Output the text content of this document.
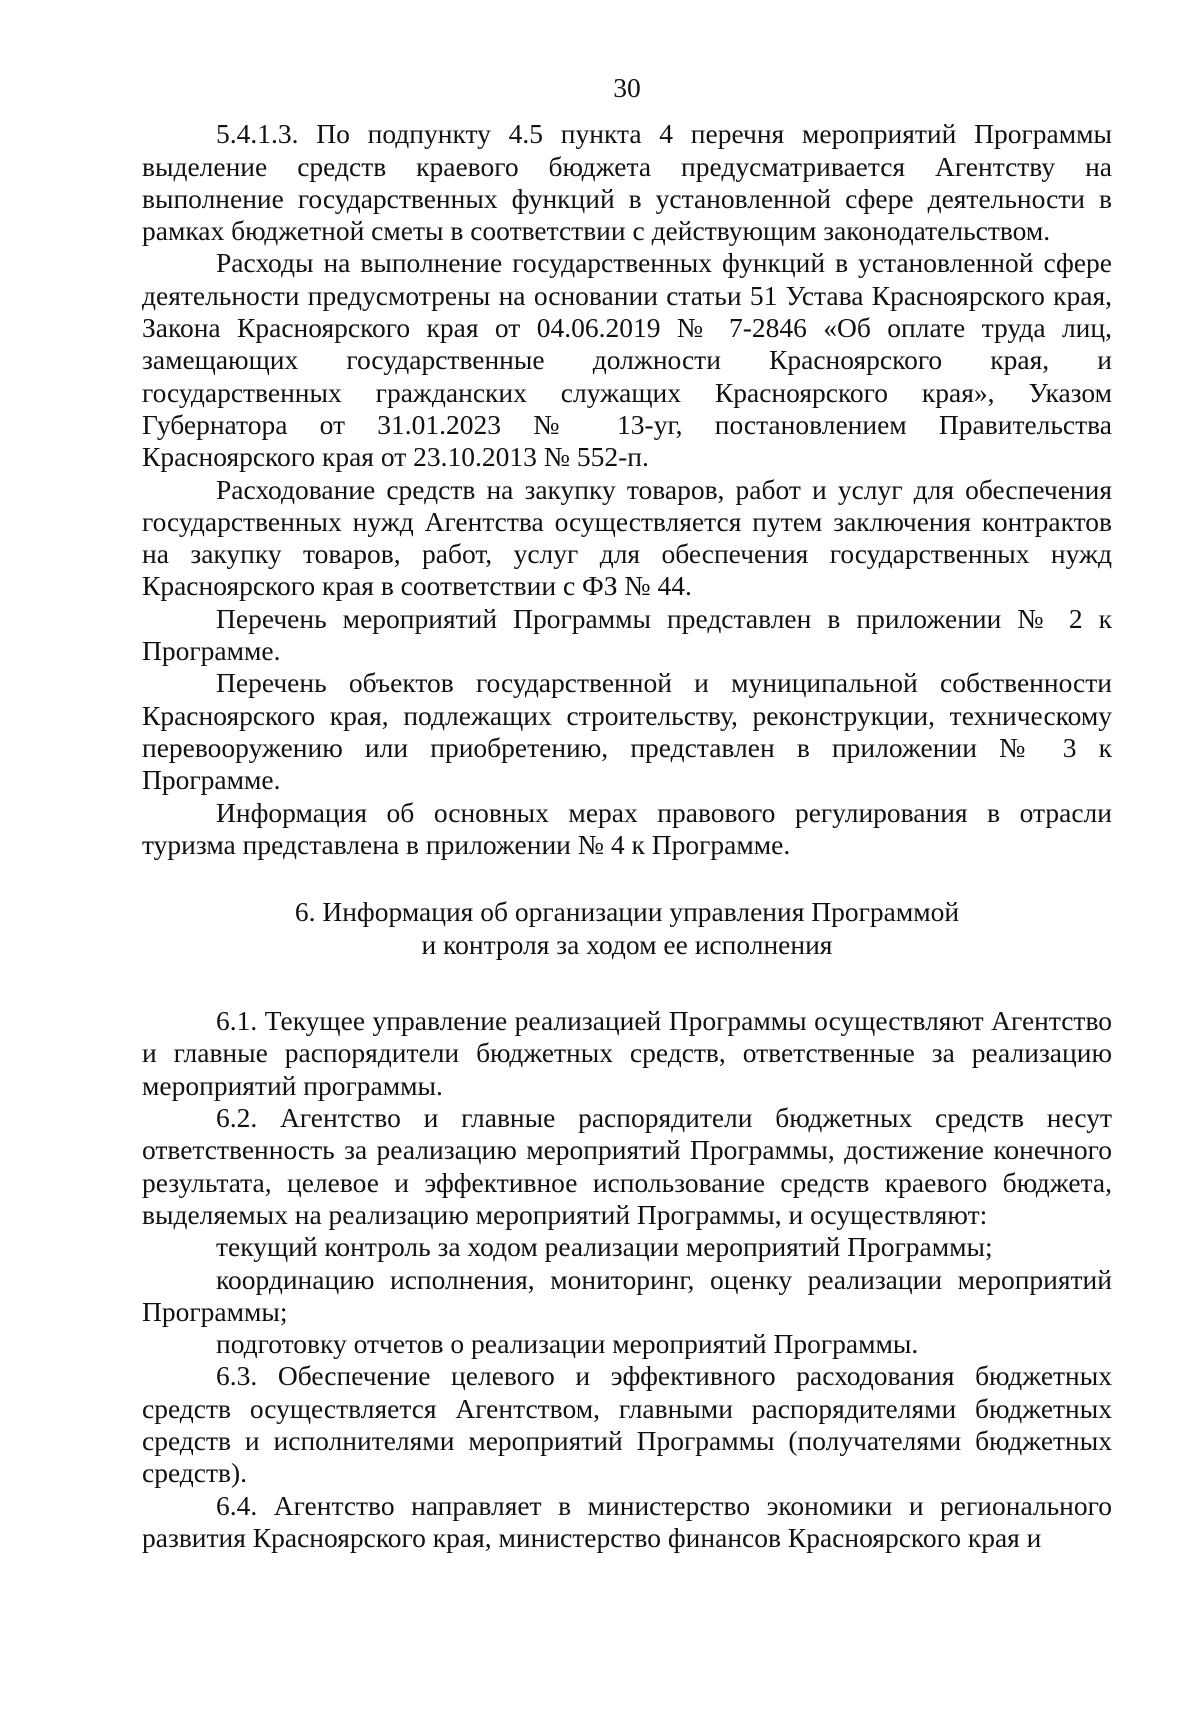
30

5.4.1.3. По подпункту 4.5 пункта 4 перечня мероприятий Программы выделение средств краевого бюджета предусматривается Агентству на выполнение государственных функций в установленной сфере деятельности в рамках бюджетной сметы в соответствии с действующим законодательством.

Расходы на выполнение государственных функций в установленной сфере деятельности предусмотрены на основании статьи 51 Устава Красноярского края, Закона Красноярского края от 04.06.2019 № 7-2846 «Об оплате труда лиц, замещающих государственные должности Красноярского края, и государственных гражданских служащих Красноярского края», Указом Губернатора от 31.01.2023 № 13-уг, постановлением Правительства Красноярского края от 23.10.2013 № 552-п.

Расходование средств на закупку товаров, работ и услуг для обеспечения государственных нужд Агентства осуществляется путем заключения контрактов на закупку товаров, работ, услуг для обеспечения государственных нужд Красноярского края в соответствии с ФЗ № 44.

Перечень мероприятий Программы представлен в приложении № 2 к Программе.

Перечень объектов государственной и муниципальной собственности Красноярского края, подлежащих строительству, реконструкции, техническому перевооружению или приобретению, представлен в приложении № 3 к Программе.

Информация об основных мерах правового регулирования в отрасли туризма представлена в приложении № 4 к Программе.

6. Информация об организации управления Программой
и контроля за ходом ее исполнения

6.1. Текущее управление реализацией Программы осуществляют Агентство и главные распорядители бюджетных средств, ответственные за реализацию мероприятий программы.

6.2. Агентство и главные распорядители бюджетных средств несут ответственность за реализацию мероприятий Программы, достижение конечного результата, целевое и эффективное использование средств краевого бюджета, выделяемых на реализацию мероприятий Программы, и осуществляют:

текущий контроль за ходом реализации мероприятий Программы;

координацию исполнения, мониторинг, оценку реализации мероприятий Программы;

подготовку отчетов о реализации мероприятий Программы.

6.3. Обеспечение целевого и эффективного расходования бюджетных средств осуществляется Агентством, главными распорядителями бюджетных средств и исполнителями мероприятий Программы (получателями бюджетных средств).

6.4. Агентство направляет в министерство экономики и регионального развития Красноярского края, министерство финансов Красноярского края и
